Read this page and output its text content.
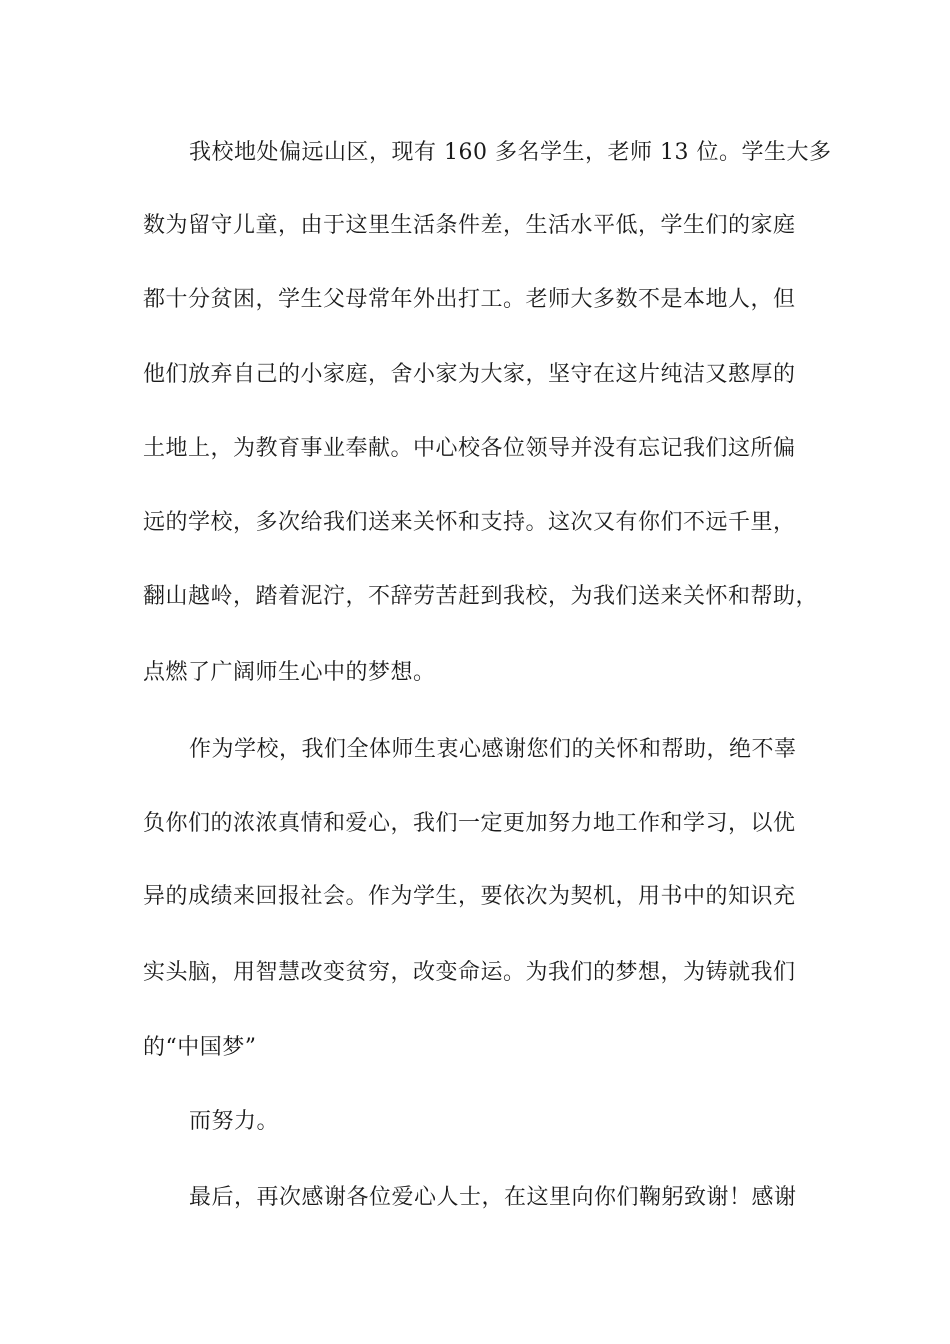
我校地处偏远山区，现有 160 多名学生，老师 13 位。学生大多
数为留守儿童，由于这里生活条件差，生活水平低，学生们的家庭
都十分贫困，学生父母常年外出打工。老师大多数不是本地人，但
他们放弃自己的小家庭，舍小家为大家，坚守在这片纯洁又憨厚的
土地上，为教育事业奉献。中心校各位领导并没有忘记我们这所偏
远的学校，多次给我们送来关怀和支持。这次又有你们不远千里，
翻山越岭，踏着泥泞，不辞劳苦赶到我校，为我们送来关怀和帮助，
点燃了广阔师生心中的梦想。
作为学校，我们全体师生衷心感谢您们的关怀和帮助，绝不辜
负你们的浓浓真情和爱心，我们一定更加努力地工作和学习，以优
异的成绩来回报社会。作为学生，要依次为契机，用书中的知识充
实头脑，用智慧改变贫穷，改变命运。为我们的梦想，为铸就我们
的“中国梦”
而努力。
最后，再次感谢各位爱心人士，在这里向你们鞠躬致谢！感谢
